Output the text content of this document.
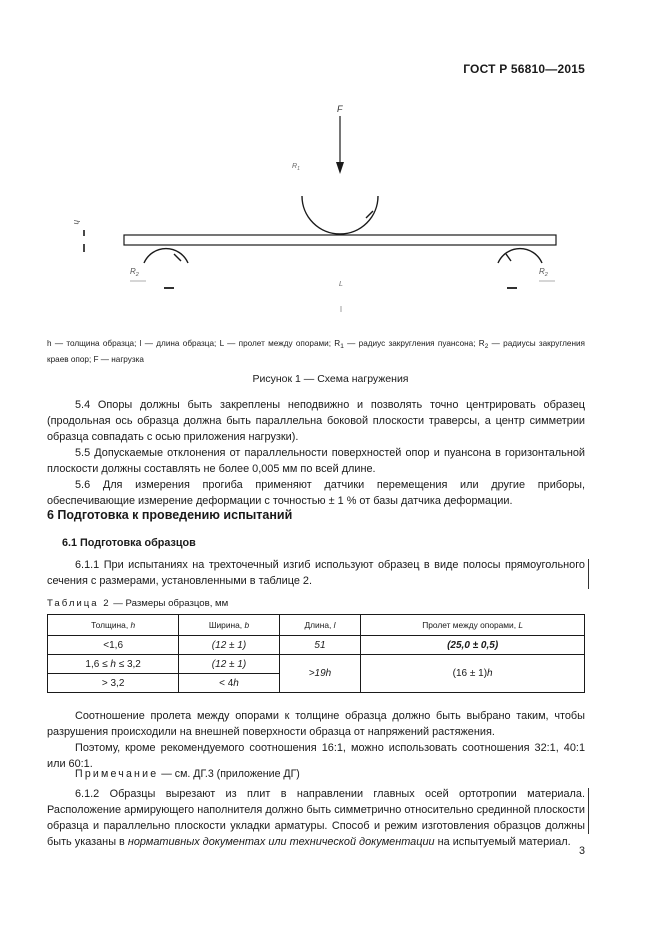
ГОСТ Р 56810—2015
F
$R_1$
$R_2$	$R_2$
h
L
h — толщина образца; l — длина образца; L — пролет между опорами; $R_1$ — радиус закругления пуансона; $R_2$ — радиусы закругления краев опор; F — нагрузка
Рисунок 1 — Схема нагружения
5.4 Опоры должны быть закреплены неподвижно и позволять точно центрировать образец (продольная ось образца должна быть параллельна боковой плоскости траверсы, а центр симметрии образца совпадать с осью приложения нагрузки).
5.5 Допускаемые отклонения от параллельности поверхностей опор и пуансона в горизонтальной плоскости должны составлять не более 0,005 мм по всей длине.
5.6 Для измерения прогиба применяют датчики перемещения или другие приборы, обеспечивающие измерение деформации с точностью ± 1 % от базы датчика деформации.
6 Подготовка к проведению испытаний
6.1 Подготовка образцов
6.1.1 При испытаниях на трехточечный изгиб используют образец в виде полосы прямоугольного сечения с размерами, установленными в таблице 2.
Таблица 2 — Размеры образцов, мм
Толщина, h	Ширина, b	Длина, l	Пролет между опорами, L
<1,6	(12 ± 1)	51	(25,0 ± 0,5)
1,6 ≤ h ≤ 3,2	(12 ± 1)	>19h	(16 ± 1)h
> 3,2	< 4h		
Соотношение пролета между опорами к толщине образца должно быть выбрано таким, чтобы разрушения происходили на внешней поверхности образца от напряжений растяжения.
Поэтому, кроме рекомендуемого соотношения 16:1, можно использовать соотношения 32:1, 40:1 или 60:1.
Примечание — см. ДГ.3 (приложение ДГ)
6.1.2 Образцы вырезают из плит в направлении главных осей ортотропии материала. Расположение армирующего наполнителя должно быть симметрично относительно срединной плоскости образца и параллельно плоскости укладки арматуры. Способ и режим изготовления образцов должны быть указаны в нормативных документах или технической документации на испытуемый материал.
3
